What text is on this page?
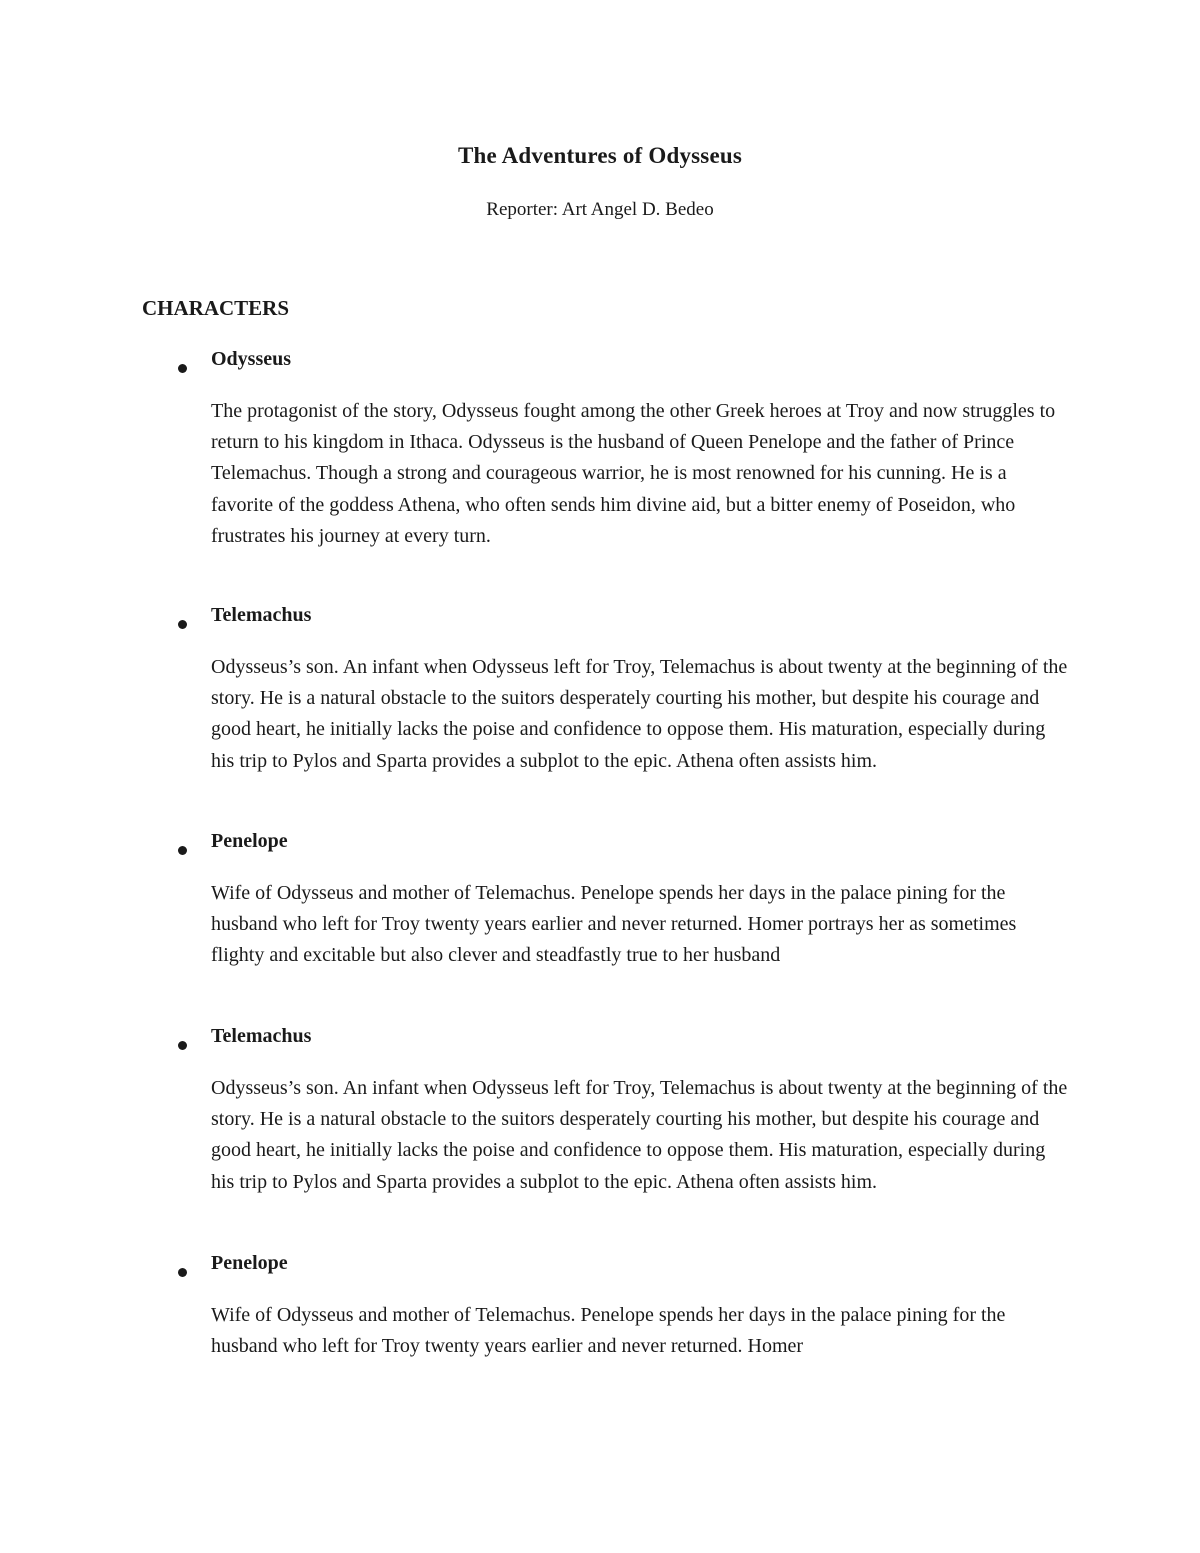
The Adventures of Odysseus

Reporter: Art Angel D. Bedeo

CHARACTERS
Odysseus

The protagonist of the story, Odysseus fought among the other Greek heroes at Troy and now struggles to return to his kingdom in Ithaca. Odysseus is the husband of Queen Penelope and the father of Prince Telemachus. Though a strong and courageous warrior, he is most renowned for his cunning. He is a favorite of the goddess Athena, who often sends him divine aid, but a bitter enemy of Poseidon, who frustrates his journey at every turn.

Telemachus

Odysseus’s son. An infant when Odysseus left for Troy, Telemachus is about twenty at the beginning of the story. He is a natural obstacle to the suitors desperately courting his mother, but despite his courage and good heart, he initially lacks the poise and confidence to oppose them. His maturation, especially during his trip to Pylos and Sparta provides a subplot to the epic. Athena often assists him.

Penelope

Wife of Odysseus and mother of Telemachus. Penelope spends her days in the palace pining for the husband who left for Troy twenty years earlier and never returned. Homer portrays her as sometimes flighty and excitable but also clever and steadfastly true to her husband

Telemachus

Odysseus’s son. An infant when Odysseus left for Troy, Telemachus is about twenty at the beginning of the story. He is a natural obstacle to the suitors desperately courting his mother, but despite his courage and good heart, he initially lacks the poise and confidence to oppose them. His maturation, especially during his trip to Pylos and Sparta provides a subplot to the epic. Athena often assists him.

Penelope

Wife of Odysseus and mother of Telemachus. Penelope spends her days in the palace pining for the husband who left for Troy twenty years earlier and never returned. Homer
